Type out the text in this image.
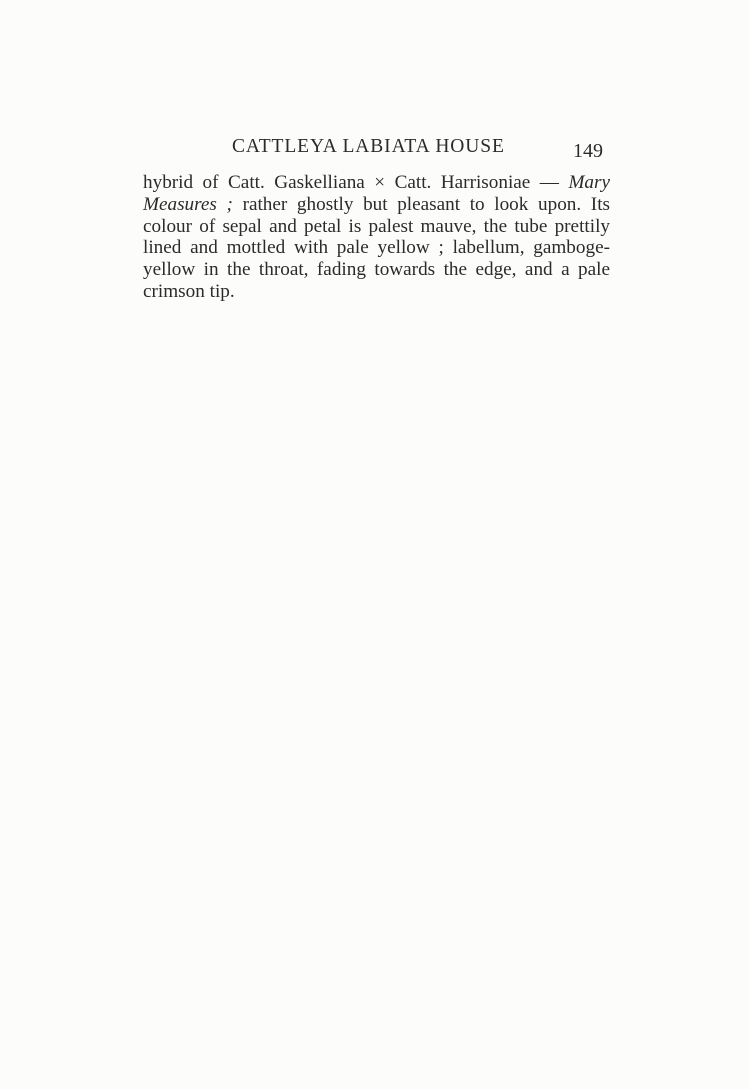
CATTLEYA LABIATA HOUSE	149
hybrid of Catt. Gaskelliana × Catt. Harrisoniae — Mary
Measures ; rather ghostly but pleasant to look upon. Its
colour of sepal and petal is palest mauve, the tube prettily
lined and mottled with pale yellow ; labellum, gamboge-
yellow in the throat, fading towards the edge, and a pale
crimson tip.
